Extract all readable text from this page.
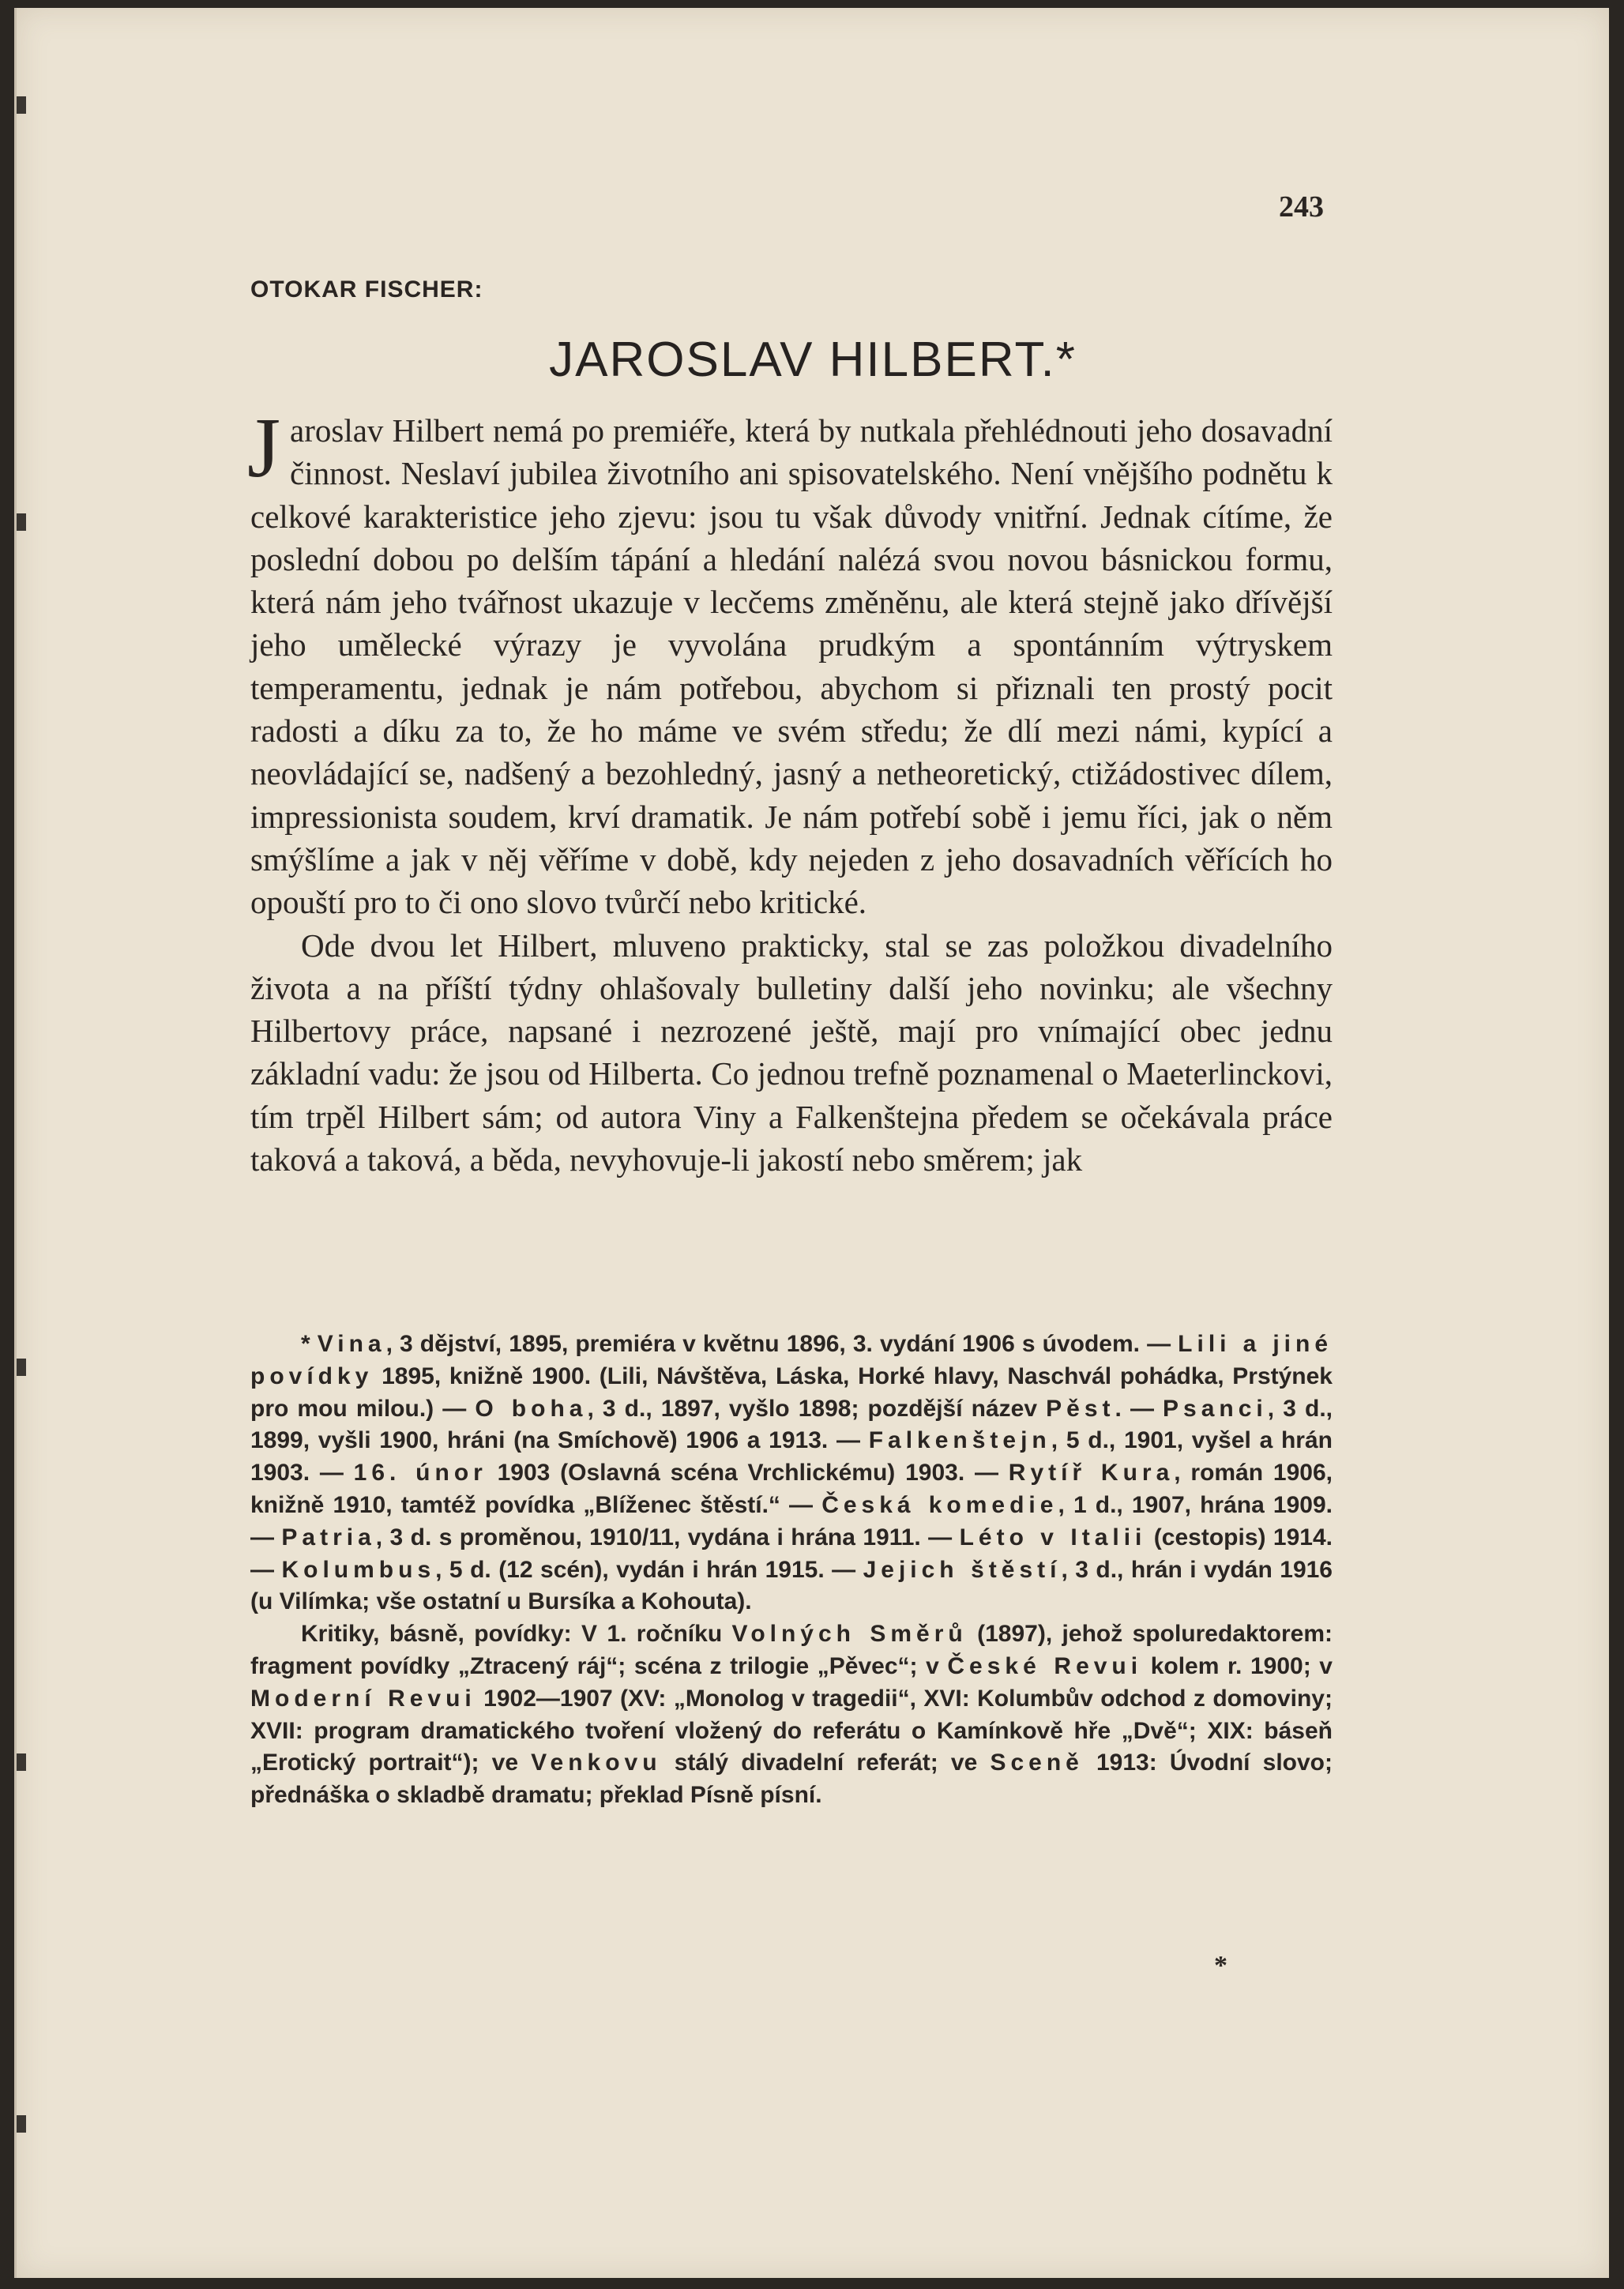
243
OTOKAR FISCHER:
JAROSLAV HILBERT.*

Jaroslav Hilbert nemá po premiéře, která by nutkala přehlédnouti jeho dosavadní činnost. Neslaví jubilea životního ani spisovatelského. Není vnějšího podnětu k celkové karakteristice jeho zjevu: jsou tu však důvody vnitřní. Jednak cítíme, že poslední dobou po delším tápání a hledání nalézá svou novou básnickou formu, která nám jeho tvářnost ukazuje v lecčems změněnu, ale která stejně jako dřívější jeho umělecké výrazy je vyvolána prudkým a spontánním výtryskem temperamentu, jednak je nám potřebou, abychom si přiznali ten prostý pocit radosti a díku za to, že ho máme ve svém středu; že dlí mezi námi, kypící a neovládající se, nadšený a bezohledný, jasný a netheoretický, ctižádostivec dílem, impressionista soudem, krví dramatik. Je nám potřebí sobě i jemu říci, jak o něm smýšlíme a jak v něj věříme v době, kdy nejeden z jeho dosavadních věřících ho opouští pro to či ono slovo tvůrčí nebo kritické.

Ode dvou let Hilbert, mluveno prakticky, stal se zas položkou divadelního života a na příští týdny ohlašovaly bulletiny další jeho novinku; ale všechny Hilbertovy práce, napsané i nezrozené ještě, mají pro vnímající obec jednu základní vadu: že jsou od Hilberta. Co jednou trefně poznamenal o Maeterlinckovi, tím trpěl Hilbert sám; od autora Viny a Falkenštejna předem se očekávala práce taková a taková, a běda, nevyhovuje-li jakostí nebo směrem; jak

* Vina, 3 dějství, 1895, premiéra v květnu 1896, 3. vydání 1906 s úvodem. — Lili a jiné povídky 1895, knižně 1900. (Lili, Návštěva, Láska, Horké hlavy, Naschvál pohádka, Prstýnek pro mou milou.) — O boha, 3 d., 1897, vyšlo 1898; pozdější název Pěst. — Psanci, 3 d., 1899, vyšli 1900, hráni (na Smíchově) 1906 a 1913. — Falkenštejn, 5 d., 1901, vyšel a hrán 1903. — 16. únor 1903 (Oslavná scéna Vrchlickému) 1903. — Rytíř Kura, román 1906, knižně 1910, tamtéž povídka „Blíženec štěstí.“ — Česká komedie, 1 d., 1907, hrána 1909. — Patria, 3 d. s proměnou, 1910/11, vydána i hrána 1911. — Léto v Italii (cestopis) 1914. — Kolumbus, 5 d. (12 scén), vydán i hrán 1915. — Jejich štěstí, 3 d., hrán i vydán 1916 (u Vilímka; vše ostatní u Bursíka a Kohouta).

Kritiky, básně, povídky: V 1. ročníku Volných Směrů (1897), jehož spoluredaktorem: fragment povídky „Ztracený ráj“; scéna z trilogie „Pěvec“; v České Revui kolem r. 1900; v Moderní Revui 1902—1907 (XV: „Monolog v tragedii“, XVI: Kolumbův odchod z domoviny; XVII: program dramatického tvoření vložený do referátu o Kamínkově hře „Dvě“; XIX: báseň „Erotický portrait“); ve Venkovu stálý divadelní referát; ve Sceně 1913: Úvodní slovo; přednáška o skladbě dramatu; překlad Písně písní.

*
